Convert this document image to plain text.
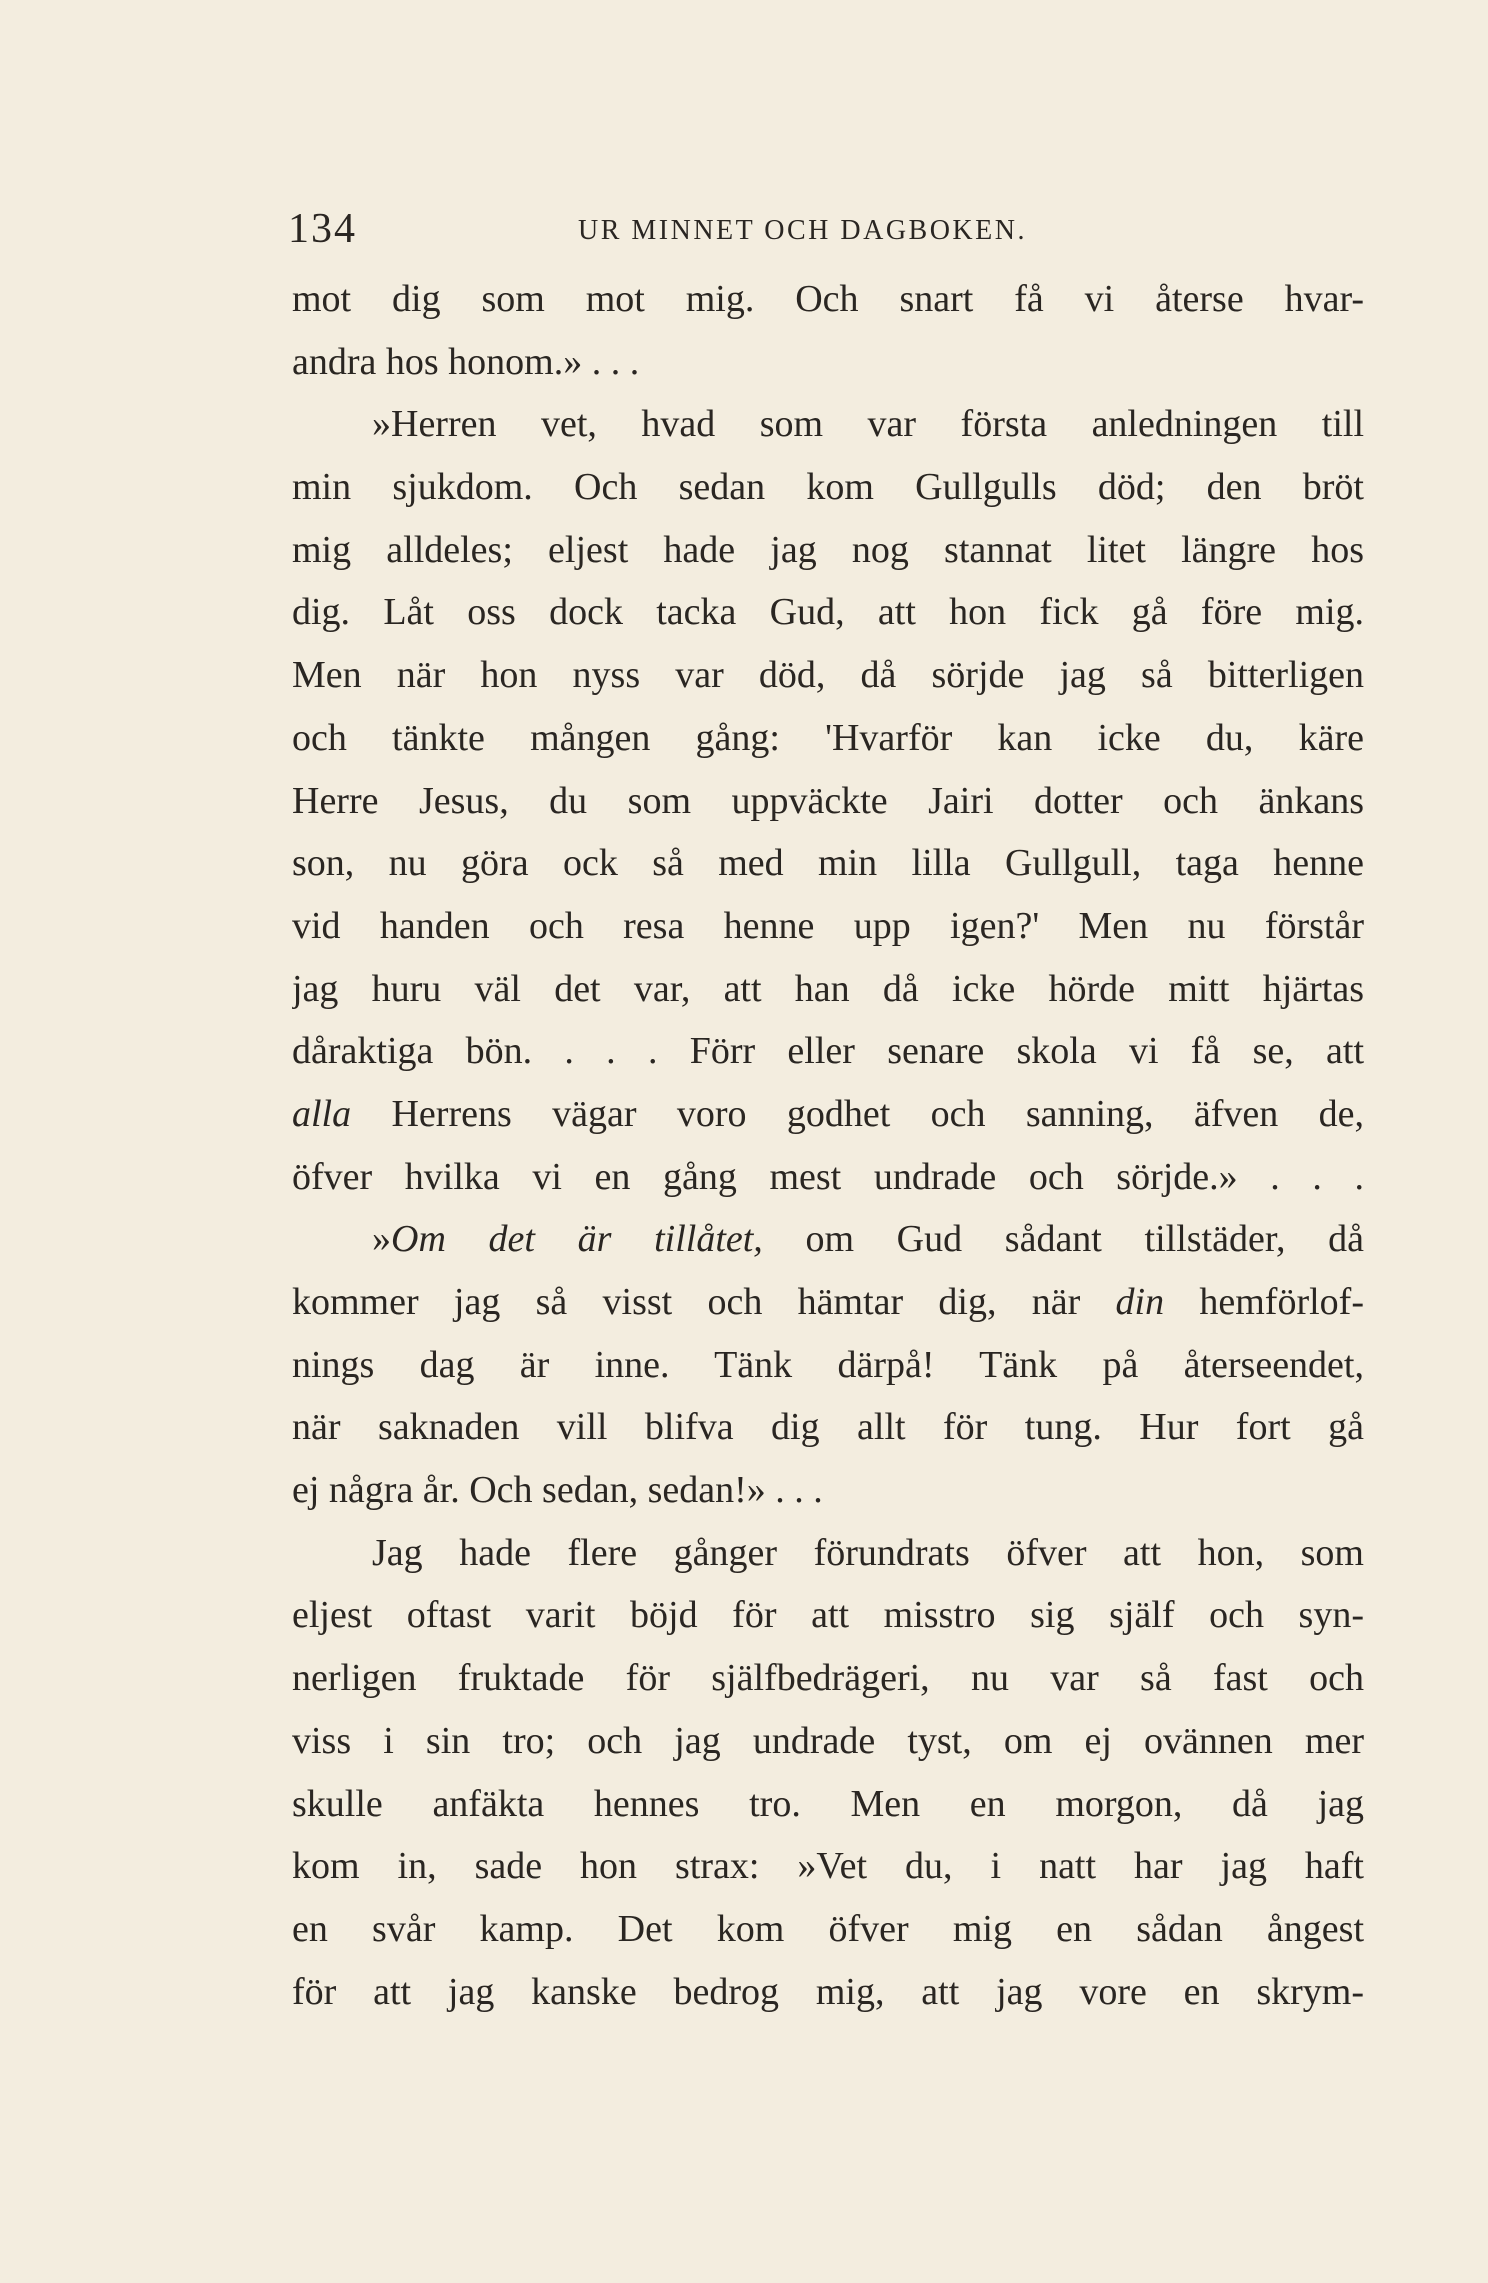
134	UR MINNET OCH DAGBOKEN.
mot dig som mot mig. Och snart få vi återse hvar-
andra hos honom.» . . .
»Herren vet, hvad som var första anledningen till
min sjukdom. Och sedan kom Gullgulls död; den bröt
mig alldeles; eljest hade jag nog stannat litet längre hos
dig. Låt oss dock tacka Gud, att hon fick gå före mig.
Men när hon nyss var död, då sörjde jag så bitterligen
och tänkte mången gång: 'Hvarför kan icke du, käre
Herre Jesus, du som uppväckte Jairi dotter och änkans
son, nu göra ock så med min lilla Gullgull, taga henne
vid handen och resa henne upp igen?' Men nu förstår
jag huru väl det var, att han då icke hörde mitt hjärtas
dåraktiga bön. . . . Förr eller senare skola vi få se, att
alla Herrens vägar voro godhet och sanning, äfven de,
öfver hvilka vi en gång mest undrade och sörjde.» . . .
»Om det är tillåtet, om Gud sådant tillstäder, då
kommer jag så visst och hämtar dig, när din hemförlof-
nings dag är inne. Tänk därpå! Tänk på återseendet,
när saknaden vill blifva dig allt för tung. Hur fort gå
ej några år. Och sedan, sedan!» . . .
Jag hade flere gånger förundrats öfver att hon, som
eljest oftast varit böjd för att misstro sig själf och syn-
nerligen fruktade för själfbedrägeri, nu var så fast och
viss i sin tro; och jag undrade tyst, om ej ovännen mer
skulle anfäkta hennes tro. Men en morgon, då jag
kom in, sade hon strax: »Vet du, i natt har jag haft
en svår kamp. Det kom öfver mig en sådan ångest
för att jag kanske bedrog mig, att jag vore en skrym-
